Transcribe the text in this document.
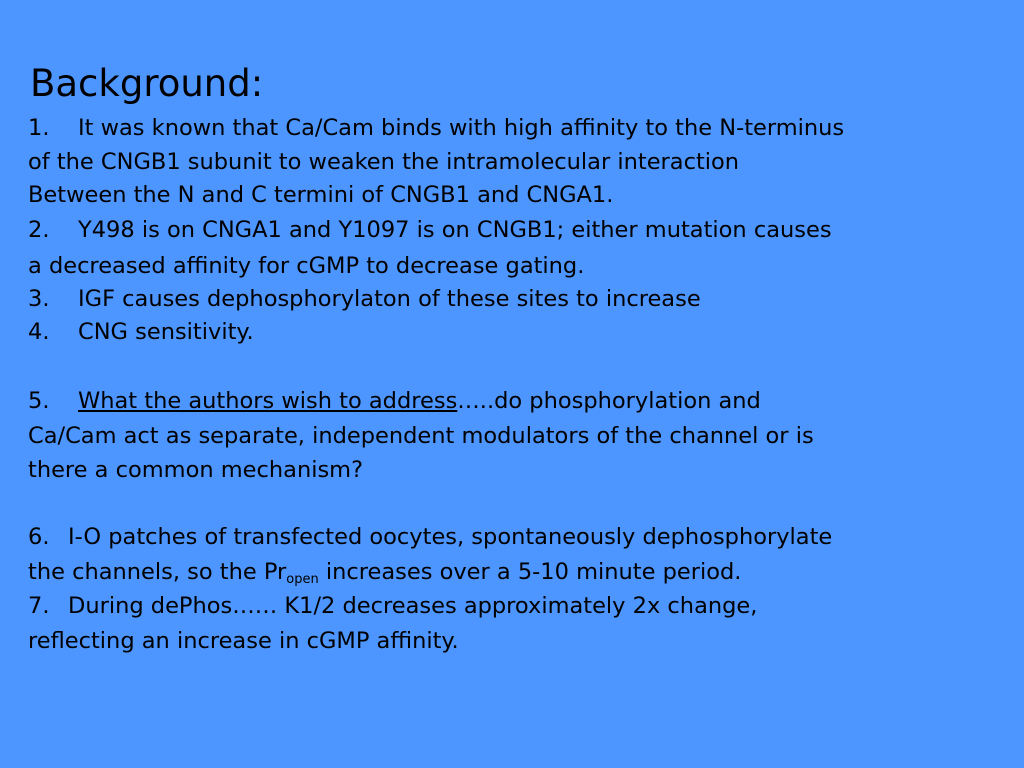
Background:
1. It was known that Ca/Cam binds with high affinity to the N-terminus
of the CNGB1 subunit to weaken the intramolecular interaction
Between the N and C termini of CNGB1 and CNGA1.
2. Y498 is on CNGA1 and Y1097 is on CNGB1; either mutation causes
a decreased affinity for cGMP to decrease gating.
3. IGF causes dephosphorylaton of these sites to increase
4. CNG sensitivity.
5. What the authors wish to address…..do phosphorylation and
Ca/Cam act as separate, independent modulators of the channel or is
there a common mechanism?
6. I-O patches of transfected oocytes, spontaneously dephosphorylate
the channels, so the $Pr_{open}$ increases over a 5-10 minute period.
7. During dePhos…… K1/2 decreases approximately 2x change,
reflecting an increase in cGMP affinity.
